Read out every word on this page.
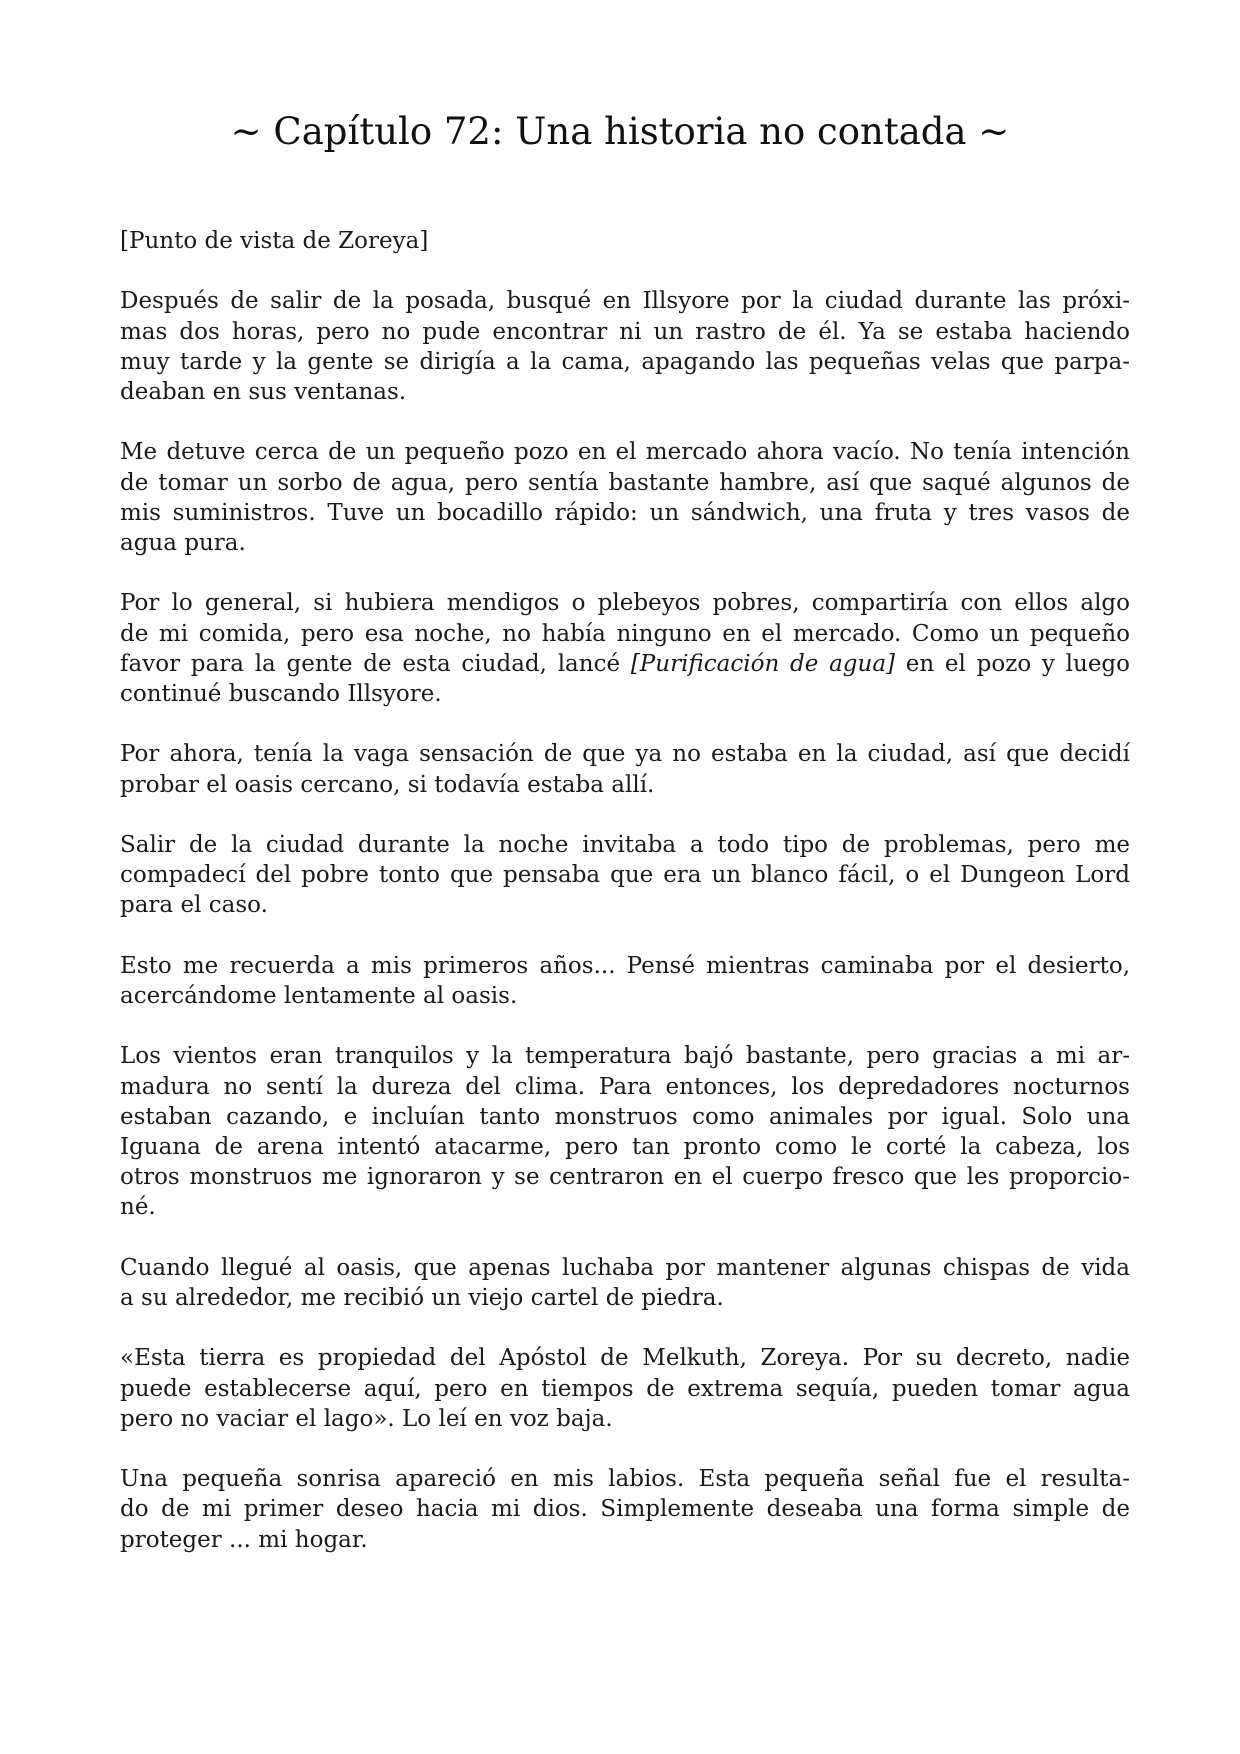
~ Capítulo 72: Una historia no contada ~

[Punto de vista de Zoreya]

Después de salir de la posada, busqué en Illsyore por la ciudad durante las próxi-
mas dos horas, pero no pude encontrar ni un rastro de él. Ya se estaba haciendo
muy tarde y la gente se dirigía a la cama, apagando las pequeñas velas que parpa-
deaban en sus ventanas.

Me detuve cerca de un pequeño pozo en el mercado ahora vacío. No tenía intención
de tomar un sorbo de agua, pero sentía bastante hambre, así que saqué algunos de
mis suministros. Tuve un bocadillo rápido: un sándwich, una fruta y tres vasos de
agua pura.

Por lo general, si hubiera mendigos o plebeyos pobres, compartiría con ellos algo
de mi comida, pero esa noche, no había ninguno en el mercado. Como un pequeño
favor para la gente de esta ciudad, lancé [Purificación de agua] en el pozo y luego
continué buscando Illsyore.

Por ahora, tenía la vaga sensación de que ya no estaba en la ciudad, así que decidí
probar el oasis cercano, si todavía estaba allí.

Salir de la ciudad durante la noche invitaba a todo tipo de problemas, pero me
compadecí del pobre tonto que pensaba que era un blanco fácil, o el Dungeon Lord
para el caso.

Esto me recuerda a mis primeros años... Pensé mientras caminaba por el desierto,
acercándome lentamente al oasis.

Los vientos eran tranquilos y la temperatura bajó bastante, pero gracias a mi ar-
madura no sentí la dureza del clima. Para entonces, los depredadores nocturnos
estaban cazando, e incluían tanto monstruos como animales por igual. Solo una
Iguana de arena intentó atacarme, pero tan pronto como le corté la cabeza, los
otros monstruos me ignoraron y se centraron en el cuerpo fresco que les proporcio-
né.

Cuando llegué al oasis, que apenas luchaba por mantener algunas chispas de vida
a su alrededor, me recibió un viejo cartel de piedra.

«Esta tierra es propiedad del Apóstol de Melkuth, Zoreya. Por su decreto, nadie
puede establecerse aquí, pero en tiempos de extrema sequía, pueden tomar agua
pero no vaciar el lago». Lo leí en voz baja.

Una pequeña sonrisa apareció en mis labios. Esta pequeña señal fue el resulta-
do de mi primer deseo hacia mi dios. Simplemente deseaba una forma simple de
proteger ... mi hogar.
